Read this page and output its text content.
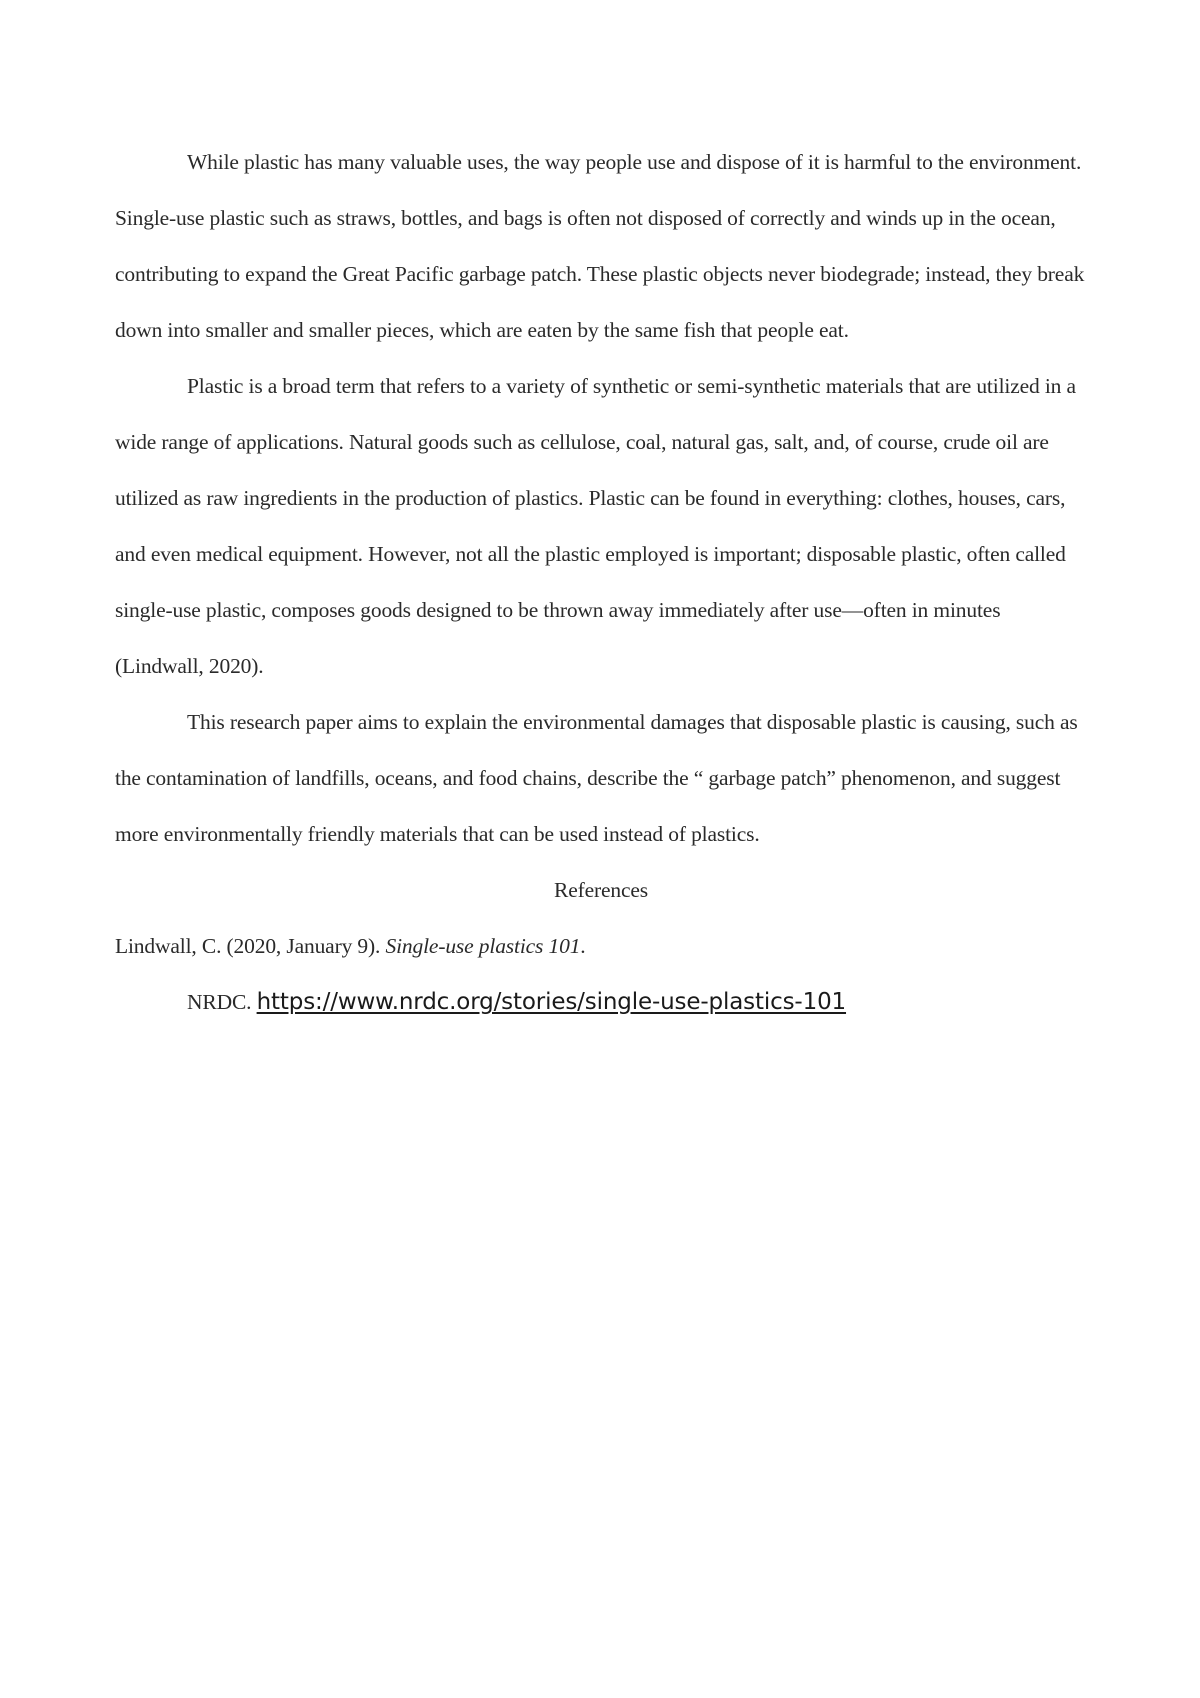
While plastic has many valuable uses, the way people use and dispose of it is harmful to the environment. Single-use plastic such as straws, bottles, and bags is often not disposed of correctly and winds up in the ocean, contributing to expand the Great Pacific garbage patch. These plastic objects never biodegrade; instead, they break down into smaller and smaller pieces, which are eaten by the same fish that people eat.

Plastic is a broad term that refers to a variety of synthetic or semi-synthetic materials that are utilized in a wide range of applications. Natural goods such as cellulose, coal, natural gas, salt, and, of course, crude oil are utilized as raw ingredients in the production of plastics. Plastic can be found in everything: clothes, houses, cars, and even medical equipment. However, not all the plastic employed is important; disposable plastic, often called single-use plastic, composes goods designed to be thrown away immediately after use—often in minutes (Lindwall, 2020).

This research paper aims to explain the environmental damages that disposable plastic is causing, such as the contamination of landfills, oceans, and food chains, describe the “ garbage patch” phenomenon, and suggest more environmentally friendly materials that can be used instead of plastics.

References

Lindwall, C. (2020, January 9). Single-use plastics 101.

NRDC. https://www.nrdc.org/stories/single-use-plastics-101
